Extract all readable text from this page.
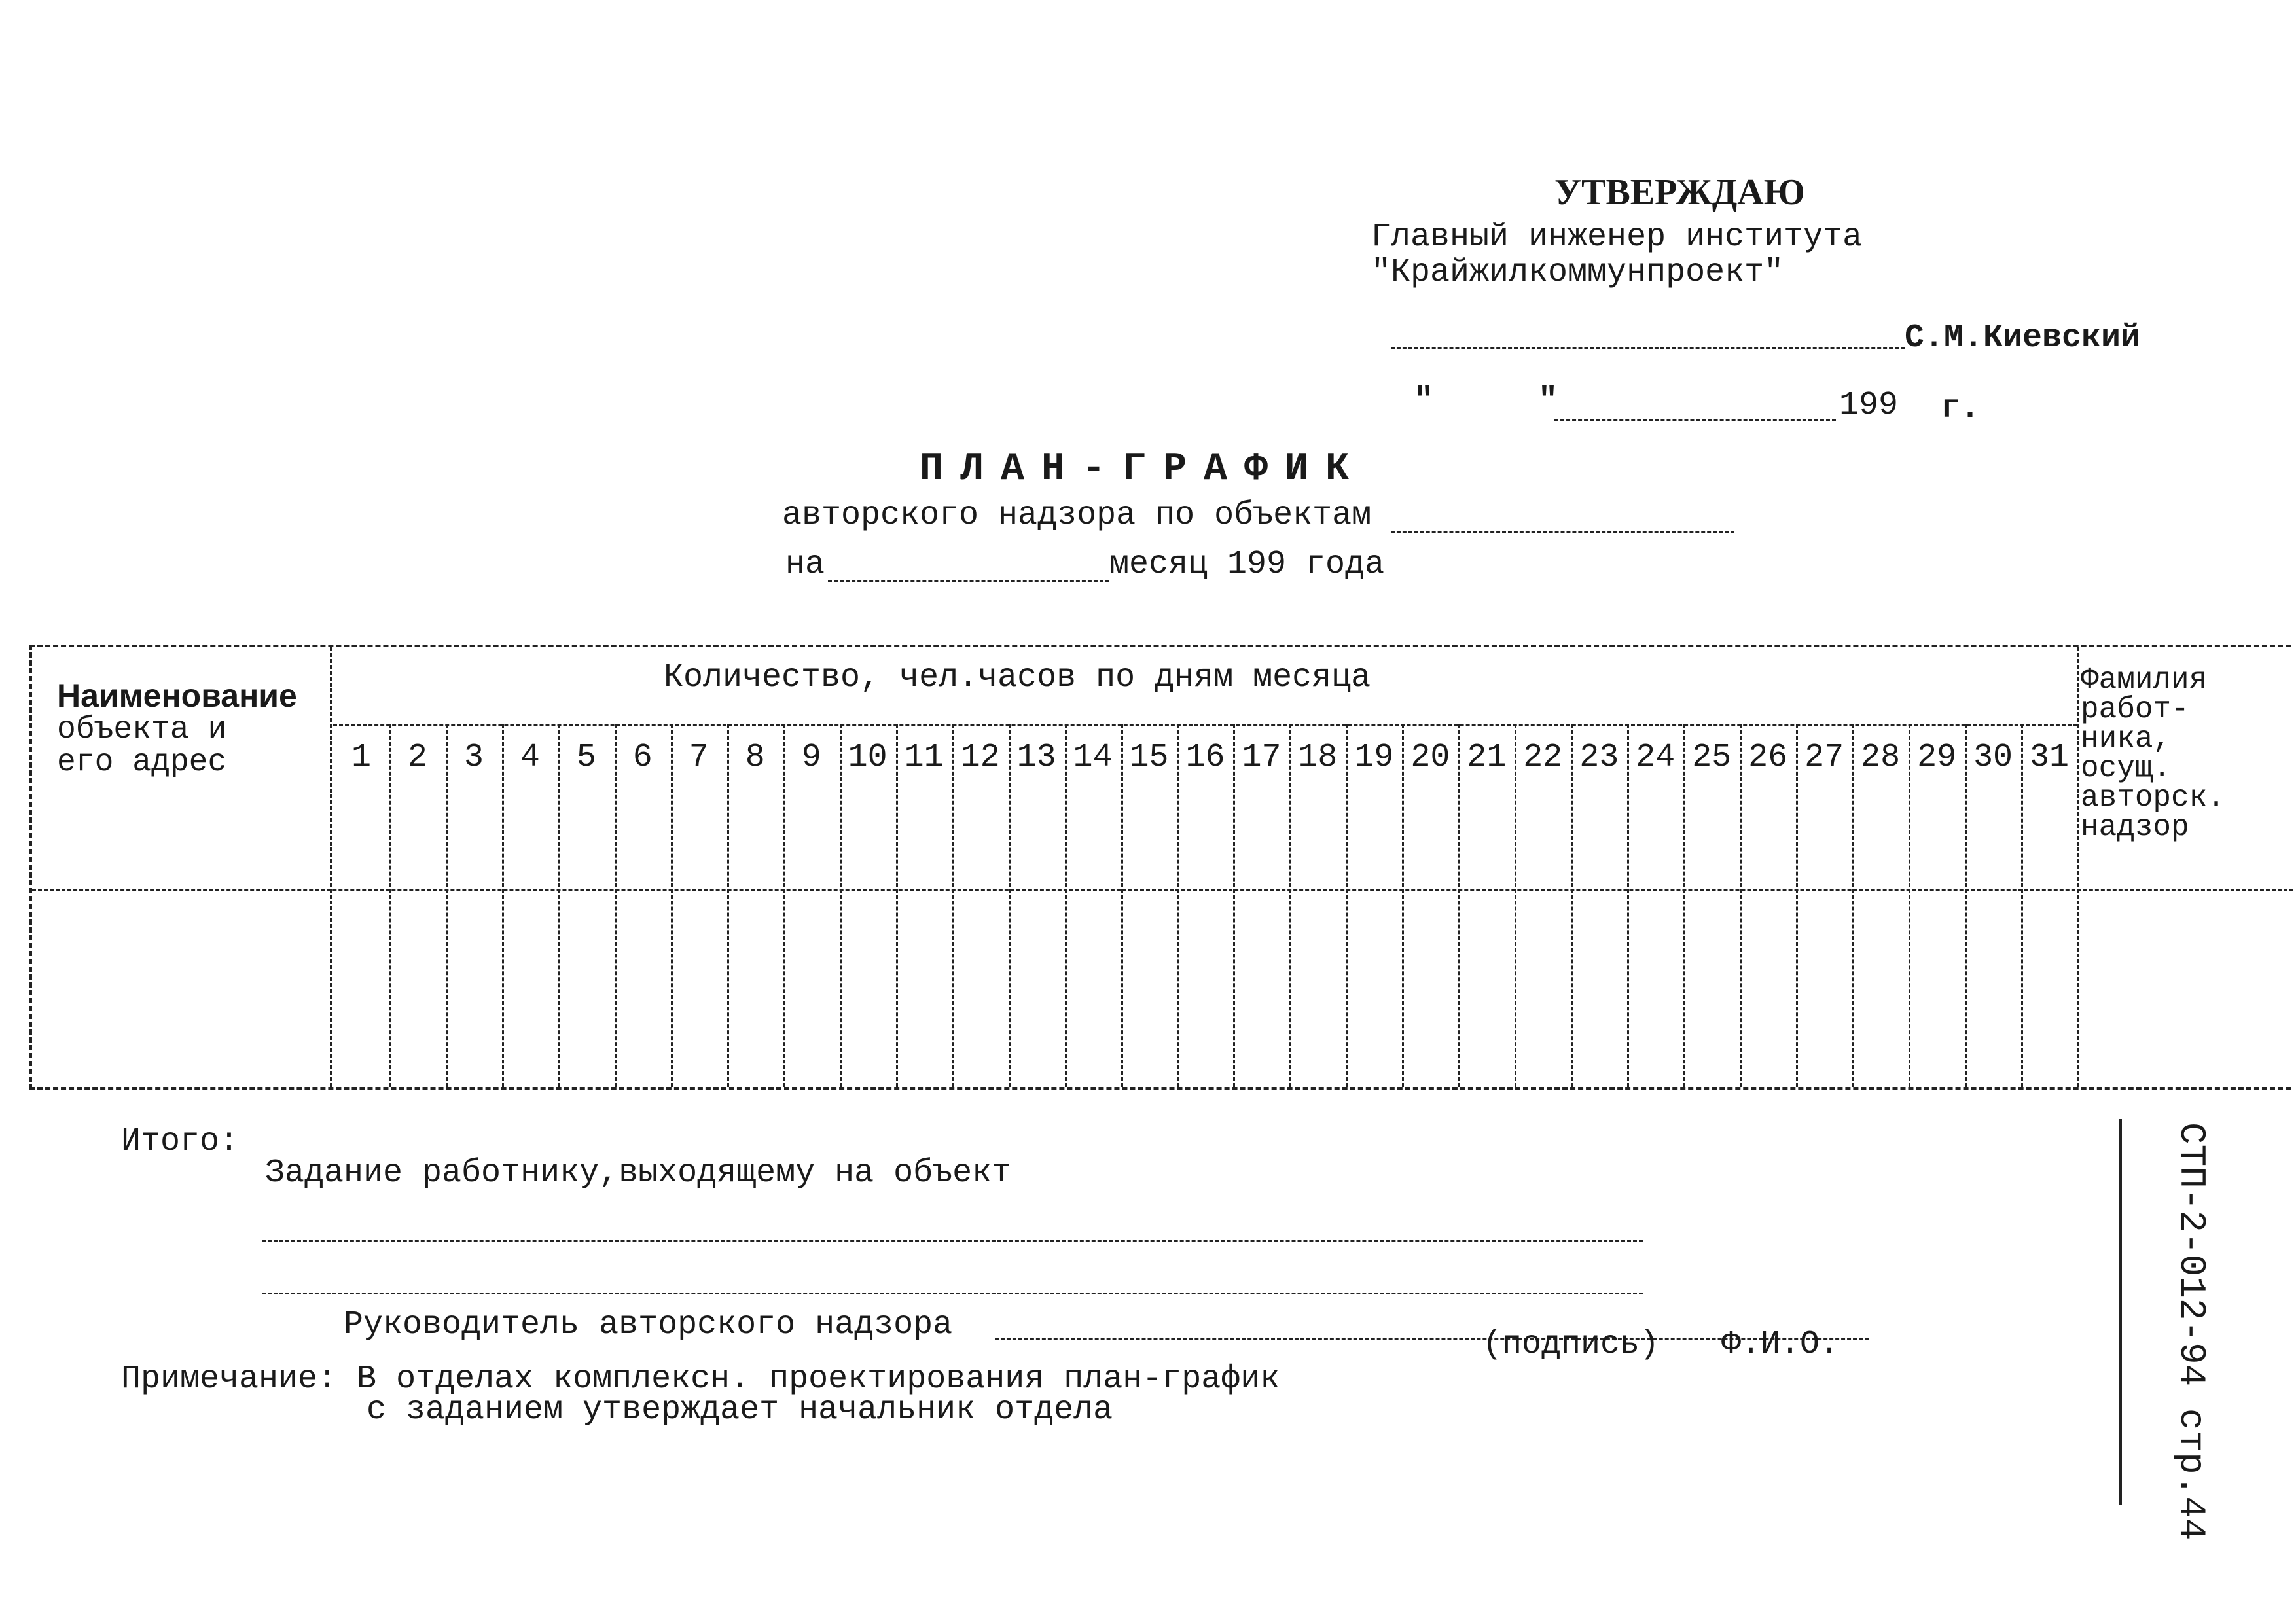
УТВЕРЖДАЮ
Главный инженер института
"Крайжилкоммунпроект"
С.М.Киевский
"	"	199 г.
ПЛАН-ГРАФИК
авторского надзора по объектам
на	месяц 199 года
Наименование
объекта и
его адрес
Количество, чел.часов по дням месяца	Фамилия
работ-
ника,
осущ.
авторск.
надзор
1	2	3	4	5	6	7	8	9 10 11 12 13 14 15 16 17 18 19 20 21 22 23 24 25 26 27 28 29 30 31
Итого:
Задание работнику,выходящему на объект
Руководитель авторского надзора
(подпись) Ф.И.О.
Примечание: В отделах комплексн. проектирования план-график
с заданием утверждает начальник отдела	СТП-2-012-94 стр.44
